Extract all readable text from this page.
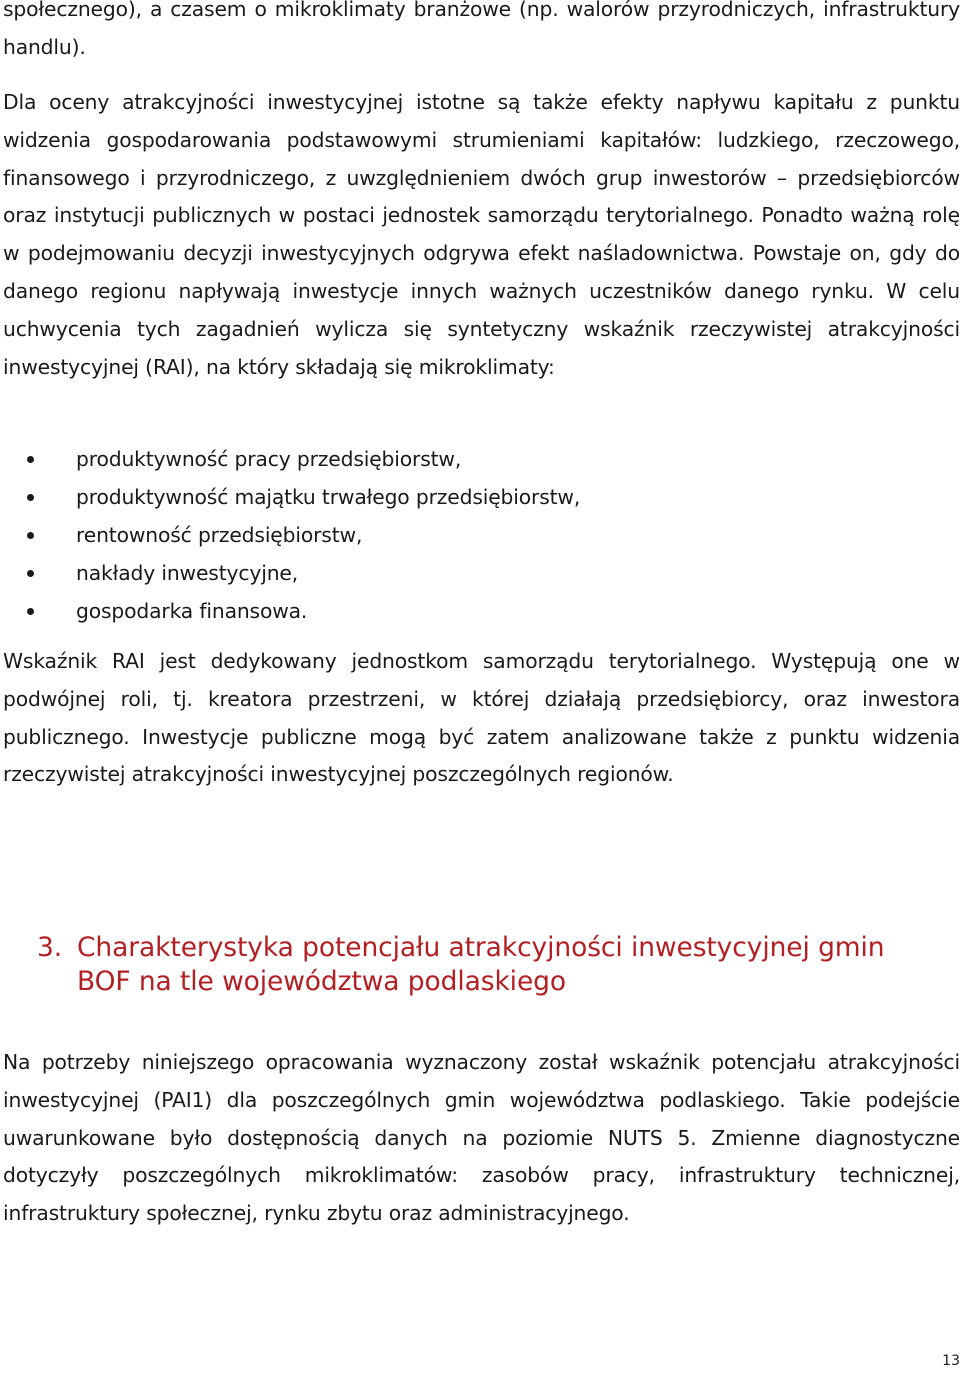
społecznego), a czasem o mikroklimaty branżowe (np. walorów przyrodniczych, infrastruktury handlu).

Dla oceny atrakcyjności inwestycyjnej istotne są także efekty napływu kapitału z punktu widzenia gospodarowania podstawowymi strumieniami kapitałów: ludzkiego, rzeczowego, finansowego i przyrodniczego, z uwzględnieniem dwóch grup inwestorów – przedsiębiorców oraz instytucji publicznych w postaci jednostek samorządu terytorialnego. Ponadto ważną rolę w podejmowaniu decyzji inwestycyjnych odgrywa efekt naśladownictwa. Powstaje on, gdy do danego regionu napływają inwestycje innych ważnych uczestników danego rynku. W celu uchwycenia tych zagadnień wylicza się syntetyczny wskaźnik rzeczywistej atrakcyjności inwestycyjnej (RAI), na który składają się mikroklimaty:

produktywność pracy przedsiębiorstw,
produktywność majątku trwałego przedsiębiorstw,
rentowność przedsiębiorstw,
nakłady inwestycyjne,
gospodarka finansowa.

Wskaźnik RAI jest dedykowany jednostkom samorządu terytorialnego. Występują one w podwójnej roli, tj. kreatora przestrzeni, w której działają przedsiębiorcy, oraz inwestora publicznego. Inwestycje publiczne mogą być zatem analizowane także z punktu widzenia rzeczywistej atrakcyjności inwestycyjnej poszczególnych regionów.

3. Charakterystyka potencjału atrakcyjności inwestycyjnej gmin BOF na tle województwa podlaskiego

Na potrzeby niniejszego opracowania wyznaczony został wskaźnik potencjału atrakcyjności inwestycyjnej (PAI1) dla poszczególnych gmin województwa podlaskiego. Takie podejście uwarunkowane było dostępnością danych na poziomie NUTS 5. Zmienne diagnostyczne dotyczyły poszczególnych mikroklimatów: zasobów pracy, infrastruktury technicznej, infrastruktury społecznej, rynku zbytu oraz administracyjnego.

13
